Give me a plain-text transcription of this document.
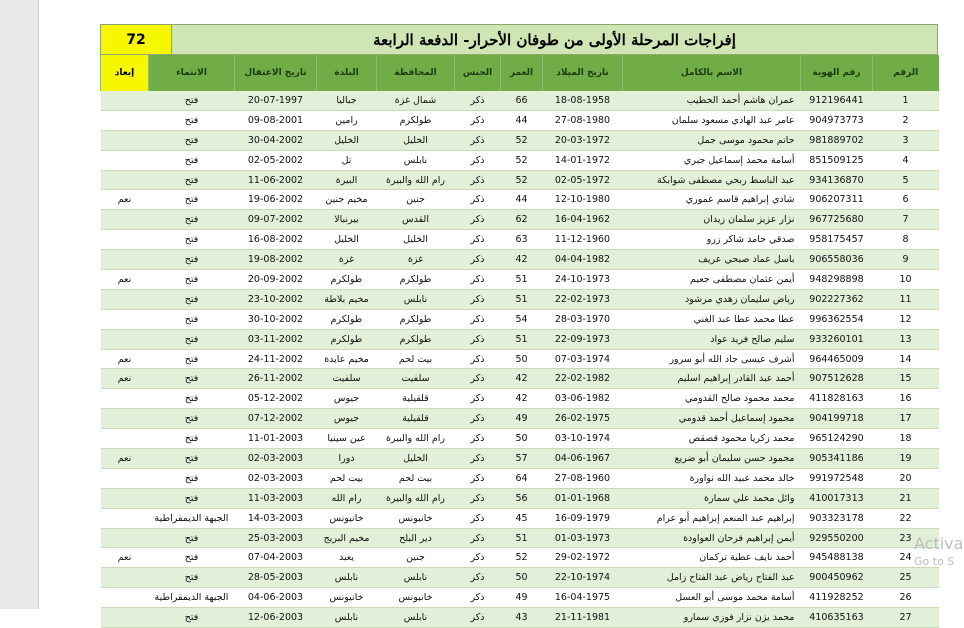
72	إفراجات المرحلة الأولى من طوفان الأحرار- الدفعة الرابعة
الرقم	رقم الهوية	الاسم بالكامل	تاريخ الميلاد	العمر	الجنس	المحافظة	البلدة	تاريخ الاعتقال	الانتماء	إبعاد
1	912196441	عمران هاشم أحمد الخطيب	18-08-1958	66	ذكر	شمال غزة	جباليا	20-07-1997	فتح	
2	904973773	عامر عبد الهادي مسعود سلمان	27-08-1980	44	ذكر	طولكرم	رامين	09-08-2001	فتح	
3	981889702	حاتم محمود موسى جمل	20-03-1972	52	ذكر	الخليل	الخليل	30-04-2002	فتح	
4	851509125	أسامة محمد إسماعيل جبري	14-01-1972	52	ذكر	نابلس	تل	02-05-2002	فتح	
5	934136870	عبد الباسط ربحي مصطفى شوابكة	02-05-1972	52	ذكر	رام الله والبيرة	البيرة	11-06-2002	فتح	
6	906207311	شادي إبراهيم قاسم عموري	12-10-1980	44	ذكر	جنين	مخيم جنين	19-06-2002	فتح	نعم
7	967725680	نزار عزيز سلمان زيدان	16-04-1962	62	ذكر	القدس	بيرنبالا	09-07-2002	فتح	
8	958175457	صدقي حامد شاكر زرو	11-12-1960	63	ذكر	الخليل	الخليل	16-08-2002	فتح	
9	906558036	باسل عماد صبحي عريف	04-04-1982	42	ذكر	غزة	غزة	19-08-2002	فتح	
10	948298898	أيمن عثمان مصطفى جعيم	24-10-1973	51	ذكر	طولكرم	طولكرم	20-09-2002	فتح	نعم
11	902227362	رياض سليمان زهدي مرشود	22-02-1973	51	ذكر	نابلس	مخيم بلاطة	23-10-2002	فتح	
12	996362554	عطا محمد عطا عبد الغني	28-03-1970	54	ذكر	طولكرم	طولكرم	30-10-2002	فتح	
13	933260101	سليم صالح فريد عواد	22-09-1973	51	ذكر	طولكرم	طولكرم	03-11-2002	فتح	
14	964465009	أشرف عيسى جاد الله أبو سرور	07-03-1974	50	ذكر	بيت لحم	مخيم عايدة	24-11-2002	فتح	نعم
15	907512628	أحمد عبد القادر إبراهيم اسليم	22-02-1982	42	ذكر	سلفيت	سلفيت	26-11-2002	فتح	نعم
16	411828163	محمد محمود صالح القدومي	03-06-1982	42	ذكر	قلقيلية	جيوس	05-12-2002	فتح	
17	904199718	محمود إسماعيل أحمد قدومي	26-02-1975	49	ذكر	قلقيلية	جيوس	07-12-2002	فتح	
18	965124290	محمد زكريا محمود قصقص	03-10-1974	50	ذكر	رام الله والبيرة	عين سينيا	11-01-2003	فتح	
19	905341186	محمود حسن سليمان أبو ضريع	04-06-1967	57	ذكر	الخليل	دورا	02-03-2003	فتح	نعم
20	991972548	خالد محمد عبيد الله نواورة	27-08-1960	64	ذكر	بيت لحم	بيت لحم	02-03-2003	فتح	
21	410017313	وائل محمد علي سمارة	01-01-1968	56	ذكر	رام الله والبيرة	رام الله	11-03-2003	فتح	
22	903323178	إبراهيم عبد المنعم إبراهيم أبو عرام	16-09-1979	45	ذكر	خانيونس	خانيونس	14-03-2003	الجبهة الديمقراطية	
23	929550200	أيمن إبراهيم فرحان العواودة	01-03-1973	51	ذكر	دير البلح	مخيم البريج	25-03-2003	فتح	
24	945488138	أحمد نايف عطية تركمان	29-02-1972	52	ذكر	جنين	يعبد	07-04-2003	فتح	نعم
25	900450962	عبد الفتاح رياض عبد الفتاح زامل	22-10-1974	50	ذكر	نابلس	نابلس	28-05-2003	فتح	
26	411928252	أسامة محمد موسى أبو العسل	16-04-1975	49	ذكر	خانيونس	خانيونس	04-06-2003	الجبهة الديمقراطية	
27	410635163	محمد يزن نزار فوزي سمارو	21-11-1981	43	ذكر	نابلس	نابلس	12-06-2003	فتح	
Activa
Go to S
